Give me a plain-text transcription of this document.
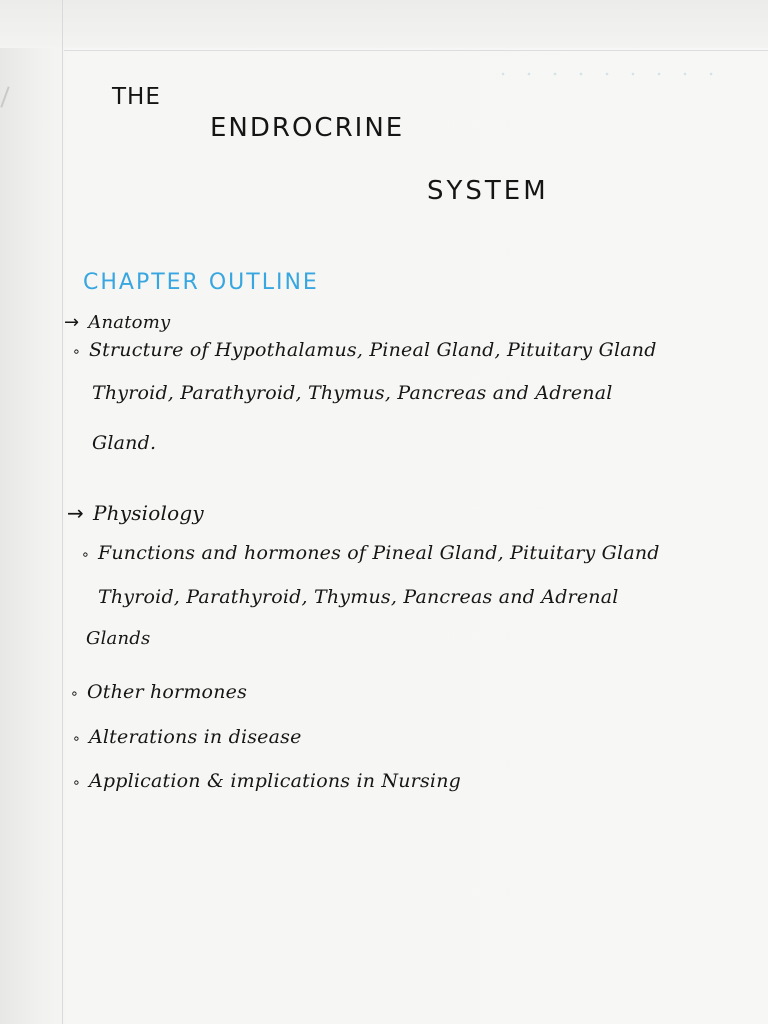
THE
ENDROCRINE
SYSTEM
CHAPTER OUTLINE
→ Anatomy
∘ Structure of Hypothalamus, Pineal Gland, Pituitary Gland
Thyroid, Parathyroid, Thymus, Pancreas and Adrenal
Gland.
→ Physiology
∘ Functions and hormones of Pineal Gland, Pituitary Gland
Thyroid, Parathyroid, Thymus, Pancreas and Adrenal
Glands
∘ Other hormones
∘ Alterations in disease
∘ Application & implications in Nursing
